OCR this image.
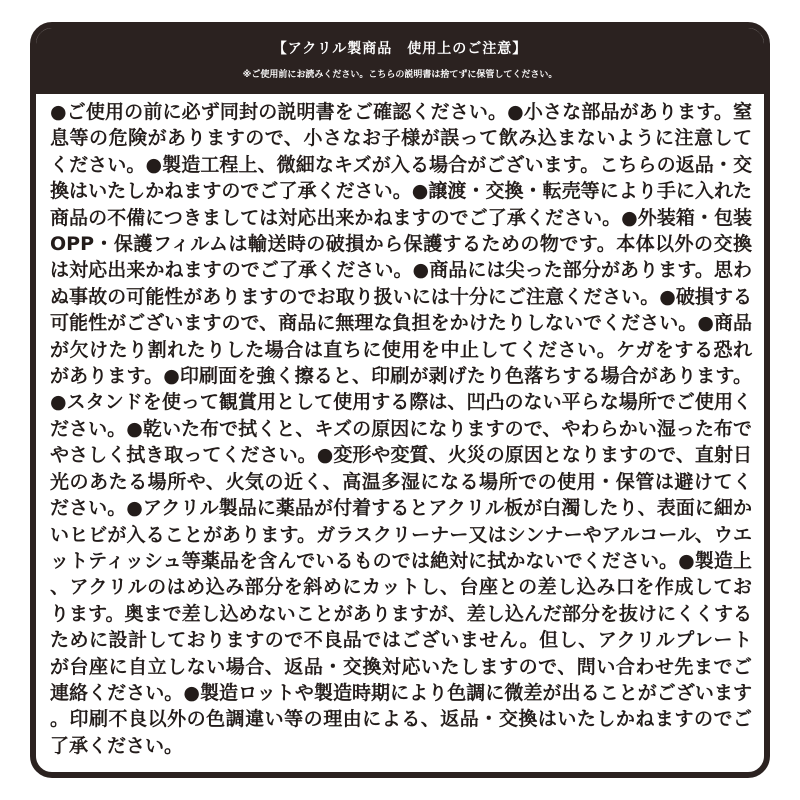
【アクリル製商品　使用上のご注意】
※ご使用前にお読みください。こちらの説明書は捨てずに保管してください。
●ご使用の前に必ず同封の説明書をご確認ください。●小さな部品があります。窒息等の危険がありますので、小さなお子様が誤って飲み込まないように注意してください。●製造工程上、微細なキズが入る場合がございます。こちらの返品・交換はいたしかねますのでご了承ください。●譲渡・交換・転売等により手に入れた商品の不備につきましては対応出来かねますのでご了承ください。●外装箱・包装OPP・保護フィルムは輸送時の破損から保護するための物です。本体以外の交換は対応出来かねますのでご了承ください。●商品には尖った部分があります。思わぬ事故の可能性がありますのでお取り扱いには十分にご注意ください。●破損する可能性がございますので、商品に無理な負担をかけたりしないでください。●商品が欠けたり割れたりした場合は直ちに使用を中止してください。ケガをする恐れがあります。●印刷面を強く擦ると、印刷が剥げたり色落ちする場合があります。●スタンドを使って観賞用として使用する際は、凹凸のない平らな場所でご使用ください。●乾いた布で拭くと、キズの原因になりますので、やわらかい湿った布でやさしく拭き取ってください。●変形や変質、火災の原因となりますので、直射日光のあたる場所や、火気の近く、高温多湿になる場所での使用・保管は避けてください。●アクリル製品に薬品が付着するとアクリル板が白濁したり、表面に細かいヒビが入ることがあります。ガラスクリーナー又はシンナーやアルコール、ウエットティッシュ等薬品を含んでいるものでは絶対に拭かないでください。●製造上、アクリルのはめ込み部分を斜めにカットし、台座との差し込み口を作成しております。奥まで差し込めないことがありますが、差し込んだ部分を抜けにくくするために設計しておりますので不良品ではございません。但し、アクリルプレートが台座に自立しない場合、返品・交換対応いたしますので、問い合わせ先までご連絡ください。●製造ロットや製造時期により色調に微差が出ることがございます。印刷不良以外の色調違い等の理由による、返品・交換はいたしかねますのでご了承ください。
